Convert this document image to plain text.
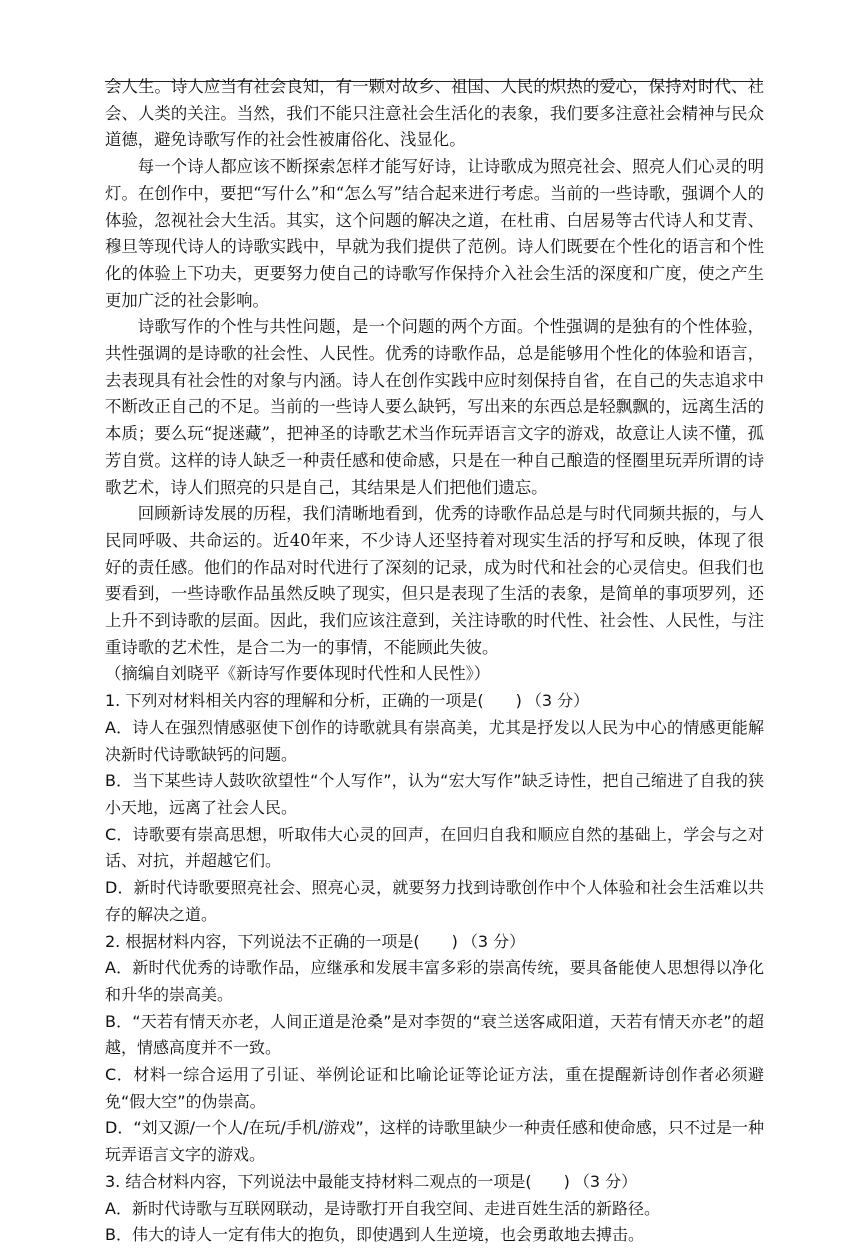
会人生。诗人应当有社会良知，有一颗对故乡、祖国、人民的炽热的爱心，保持对时代、社会、人类的关注。当然，我们不能只注意社会生活化的表象，我们要多注意社会精神与民众道德，避免诗歌写作的社会性被庸俗化、浅显化。

每一个诗人都应该不断探索怎样才能写好诗，让诗歌成为照亮社会、照亮人们心灵的明灯。在创作中，要把“写什么”和“怎么写”结合起来进行考虑。当前的一些诗歌，强调个人的体验，忽视社会大生活。其实，这个问题的解决之道，在杜甫、白居易等古代诗人和艾青、穆旦等现代诗人的诗歌实践中，早就为我们提供了范例。诗人们既要在个性化的语言和个性化的体验上下功夫，更要努力使自己的诗歌写作保持介入社会生活的深度和广度，使之产生更加广泛的社会影响。

诗歌写作的个性与共性问题，是一个问题的两个方面。个性强调的是独有的个性体验，共性强调的是诗歌的社会性、人民性。优秀的诗歌作品，总是能够用个性化的体验和语言，去表现具有社会性的对象与内涵。诗人在创作实践中应时刻保持自省，在自己的失志追求中不断改正自己的不足。当前的一些诗人要么缺钙，写出来的东西总是轻飘飘的，远离生活的本质；要么玩“捉迷藏”，把神圣的诗歌艺术当作玩弄语言文字的游戏，故意让人读不懂，孤芳自赏。这样的诗人缺乏一种责任感和使命感，只是在一种自己酿造的怪圈里玩弄所谓的诗歌艺术，诗人们照亮的只是自己，其结果是人们把他们遗忘。

回顾新诗发展的历程，我们清晰地看到，优秀的诗歌作品总是与时代同频共振的，与人民同呼吸、共命运的。近40年来，不少诗人还坚持着对现实生活的抒写和反映，体现了很好的责任感。他们的作品对时代进行了深刻的记录，成为时代和社会的心灵信史。但我们也要看到，一些诗歌作品虽然反映了现实，但只是表现了生活的表象，是简单的事项罗列，还上升不到诗歌的层面。因此，我们应该注意到，关注诗歌的时代性、社会性、人民性，与注重诗歌的艺术性，是合二为一的事情，不能顾此失彼。

（摘编自刘晓平《新诗写作要体现时代性和人民性》）

1. 下列对材料相关内容的理解和分析，正确的一项是(　　) （3 分）

A．诗人在强烈情感驱使下创作的诗歌就具有崇高美，尤其是抒发以人民为中心的情感更能解决新时代诗歌缺钙的问题。

B．当下某些诗人鼓吹欲望性“个人写作”，认为“宏大写作”缺乏诗性，把自己缩进了自我的狭小天地，远离了社会人民。

C．诗歌要有崇高思想，听取伟大心灵的回声，在回归自我和顺应自然的基础上，学会与之对话、对抗，并超越它们。

D．新时代诗歌要照亮社会、照亮心灵，就要努力找到诗歌创作中个人体验和社会生活难以共存的解决之道。

2. 根据材料内容，下列说法不正确的一项是(　　) （3 分）

A．新时代优秀的诗歌作品，应继承和发展丰富多彩的崇高传统，要具备能使人思想得以净化和升华的崇高美。

B．“天若有情天亦老，人间正道是沧桑”是对李贺的“衰兰送客咸阳道，天若有情天亦老”的超越，情感高度并不一致。

C．材料一综合运用了引证、举例论证和比喻论证等论证方法，重在提醒新诗创作者必须避免“假大空”的伪崇高。

D．“刘又源/一个人/在玩/手机/游戏”，这样的诗歌里缺少一种责任感和使命感，只不过是一种玩弄语言文字的游戏。

3. 结合材料内容，下列说法中最能支持材料二观点的一项是(　　) （3 分）

A．新时代诗歌与互联网联动，是诗歌打开自我空间、走进百姓生活的新路径。

B．伟大的诗人一定有伟大的抱负，即使遇到人生逆境，也会勇敢地去搏击。
